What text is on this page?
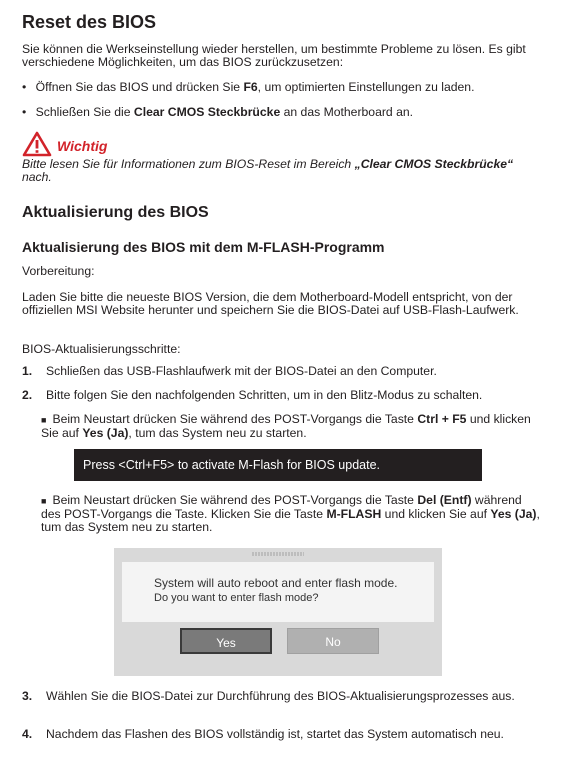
Reset des BIOS

Sie können die Werkseinstellung wieder herstellen, um bestimmte Probleme zu lösen. Es gibt verschiedene Möglichkeiten, um das BIOS zurückzusetzen:

• Öffnen Sie das BIOS und drücken Sie F6, um optimierten Einstellungen zu laden.

• Schließen Sie die Clear CMOS Steckbrücke an das Motherboard an.

Wichtig

Bitte lesen Sie für Informationen zum BIOS-Reset im Bereich „Clear CMOS Steckbrücke“ nach.

Aktualisierung des BIOS
Aktualisierung des BIOS mit dem M-FLASH-Programm

Vorbereitung:

Laden Sie bitte die neueste BIOS Version, die dem Motherboard-Modell entspricht, von der offiziellen MSI Website herunter und speichern Sie die BIOS-Datei auf USB-Flash-Laufwerk.

BIOS-Aktualisierungsschritte:

1. Schließen das USB-Flashlaufwerk mit der BIOS-Datei an den Computer.

2. Bitte folgen Sie den nachfolgenden Schritten, um in den Blitz-Modus zu schalten.

■ Beim Neustart drücken Sie während des POST-Vorgangs die Taste Ctrl + F5 und klicken Sie auf Yes (Ja), tum das System neu zu starten.

Press <Ctrl+F5> to activate M-Flash for BIOS update.

■ Beim Neustart drücken Sie während des POST-Vorgangs die Taste Del (Entf) während des POST-Vorgangs die Taste. Klicken Sie die Taste M-FLASH und klicken Sie auf Yes (Ja), tum das System neu zu starten.

System will auto reboot and enter flash mode.
Do you want to enter flash mode?
Yes	No

3. Wählen Sie die BIOS-Datei zur Durchführung des BIOS-Aktualisierungsprozesses aus.

4. Nachdem das Flashen des BIOS vollständig ist, startet das System automatisch neu.
